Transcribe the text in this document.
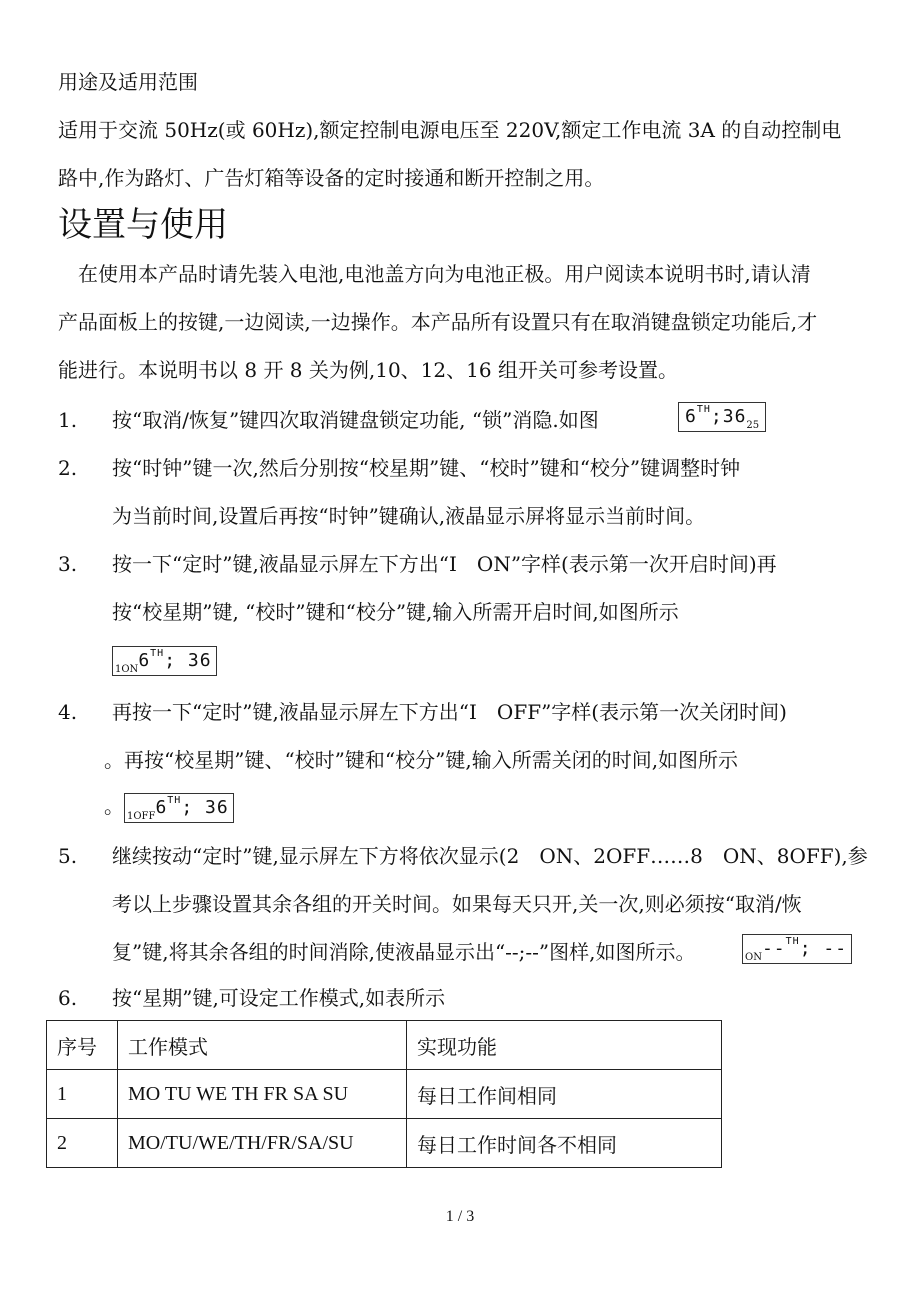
用途及适用范围
适用于交流 50Hz(或 60Hz),额定控制电源电压至 220V,额定工作电流 3A 的自动控制电
路中,作为路灯、广告灯箱等设备的定时接通和断开控制之用。
设置与使用
在使用本产品时请先装入电池,电池盖方向为电池正极。用户阅读本说明书时,请认清
产品面板上的按键,一边阅读,一边操作。本产品所有设置只有在取消键盘锁定功能后,才
能进行。本说明书以 8 开 8 关为例,10、12、16 组开关可参考设置。
1. 按“取消/恢复”键四次取消键盘锁定功能, “锁”消隐.如图	6TH;3625
2. 按“时钟”键一次,然后分别按“校星期”键、“校时”键和“校分”键调整时钟
为当前时间,设置后再按“时钟”键确认,液晶显示屏将显示当前时间。
3. 按一下“定时”键,液晶显示屏左下方出“I　ON”字样(表示第一次开启时间)再
按“校星期”键, “校时”键和“校分”键,输入所需开启时间,如图所示
$_{1ON}$6TH; 36
4. 再按一下“定时”键,液晶显示屏左下方出“I　OFF”字样(表示第一次关闭时间)
。再按“校星期”键、“校时”键和“校分”键,输入所需关闭的时间,如图所示
。 $_{1OFF}$6TH; 36
5. 继续按动“定时”键,显示屏左下方将依次显示(2　ON、2OFF……8　ON、8OFF),参
考以上步骤设置其余各组的开关时间。如果每天只开,关一次,则必须按“取消/恢
复”键,将其余各组的时间消除,使液晶显示出“--;--”图样,如图所示。	$_{ON}$--$^{TH}$; --
6. 按“星期”键,可设定工作模式,如表所示
序号	工作模式	实现功能
1	MO TU WE TH FR SA SU	每日工作间相同
2	MO/TU/WE/TH/FR/SA/SU	每日工作时间各不相同
1 / 3
